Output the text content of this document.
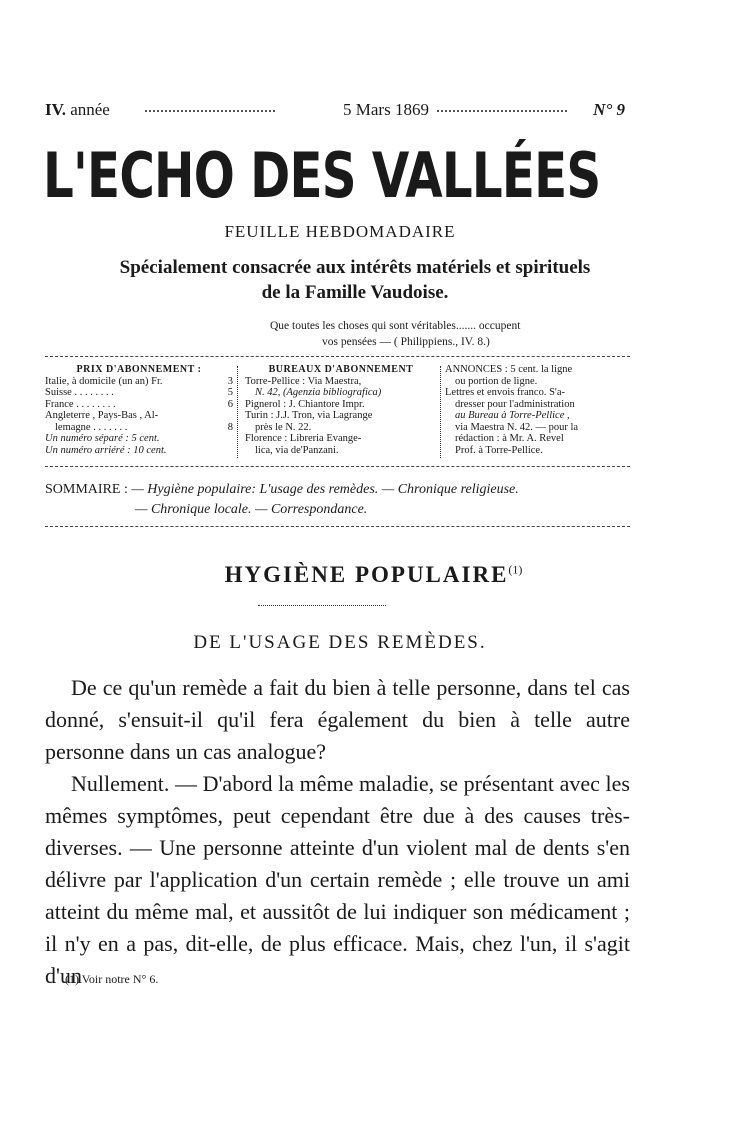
IV. année	5 Mars 1869	N° 9
L'ECHO DES VALLÉES
FEUILLE HEBDOMADAIRE
Spécialement consacrée aux intérêts matériels et spirituels
de la Famille Vaudoise.
Que toutes les choses qui sont véritables....... occupent
vos pensées — ( Philippiens., IV. 8.)
PRIX D'ABONNEMENT :
Italie, à domicile (un an) Fr.	3
Suisse . . . . . . . .	5
France . . . . . . . .	6
Angleterre , Pays-Bas , Al-
lemagne . . . . . . .	8
Un numéro séparé : 5 cent.
Un numéro arriéré : 10 cent.
BUREAUX D'ABONNEMENT
Torre-Pellice : Via Maestra,
N. 42, (Agenzia bibliografica)
Pignerol : J. Chiantore Impr.
Turin : J.J. Tron, via Lagrange
près le N. 22.
Florence : Libreria Evange-
lica, via de'Panzani.
ANNONCES : 5 cent. la ligne
ou portion de ligne.
Lettres et envois franco. S'a-
dresser pour l'administration
au Bureau à Torre-Pellice ,
via Maestra N. 42. — pour la
rédaction : à Mr. A. Revel
Prof. à Torre-Pellice.
SOMMAIRE : — Hygiène populaire: L'usage des remèdes. — Chronique religieuse.
— Chronique locale. — Correspondance.
HYGIÈNE POPULAIRE$^{(1)}$
DE L'USAGE DES REMÈDES.

De ce qu'un remède a fait du bien à telle personne, dans tel cas donné, s'ensuit-il qu'il fera également du bien à telle autre personne dans un cas analogue?

Nullement. — D'abord la même maladie, se présentant avec les mêmes symptômes, peut cependant être due à des causes très-diverses. — Une personne atteinte d'un violent mal de dents s'en délivre par l'application d'un certain remède ; elle trouve un ami atteint du même mal, et aussitôt de lui indiquer son médicament ; il n'y en a pas, dit-elle, de plus efficace. Mais, chez l'un, il s'agit d'un

(1) Voir notre N° 6.
